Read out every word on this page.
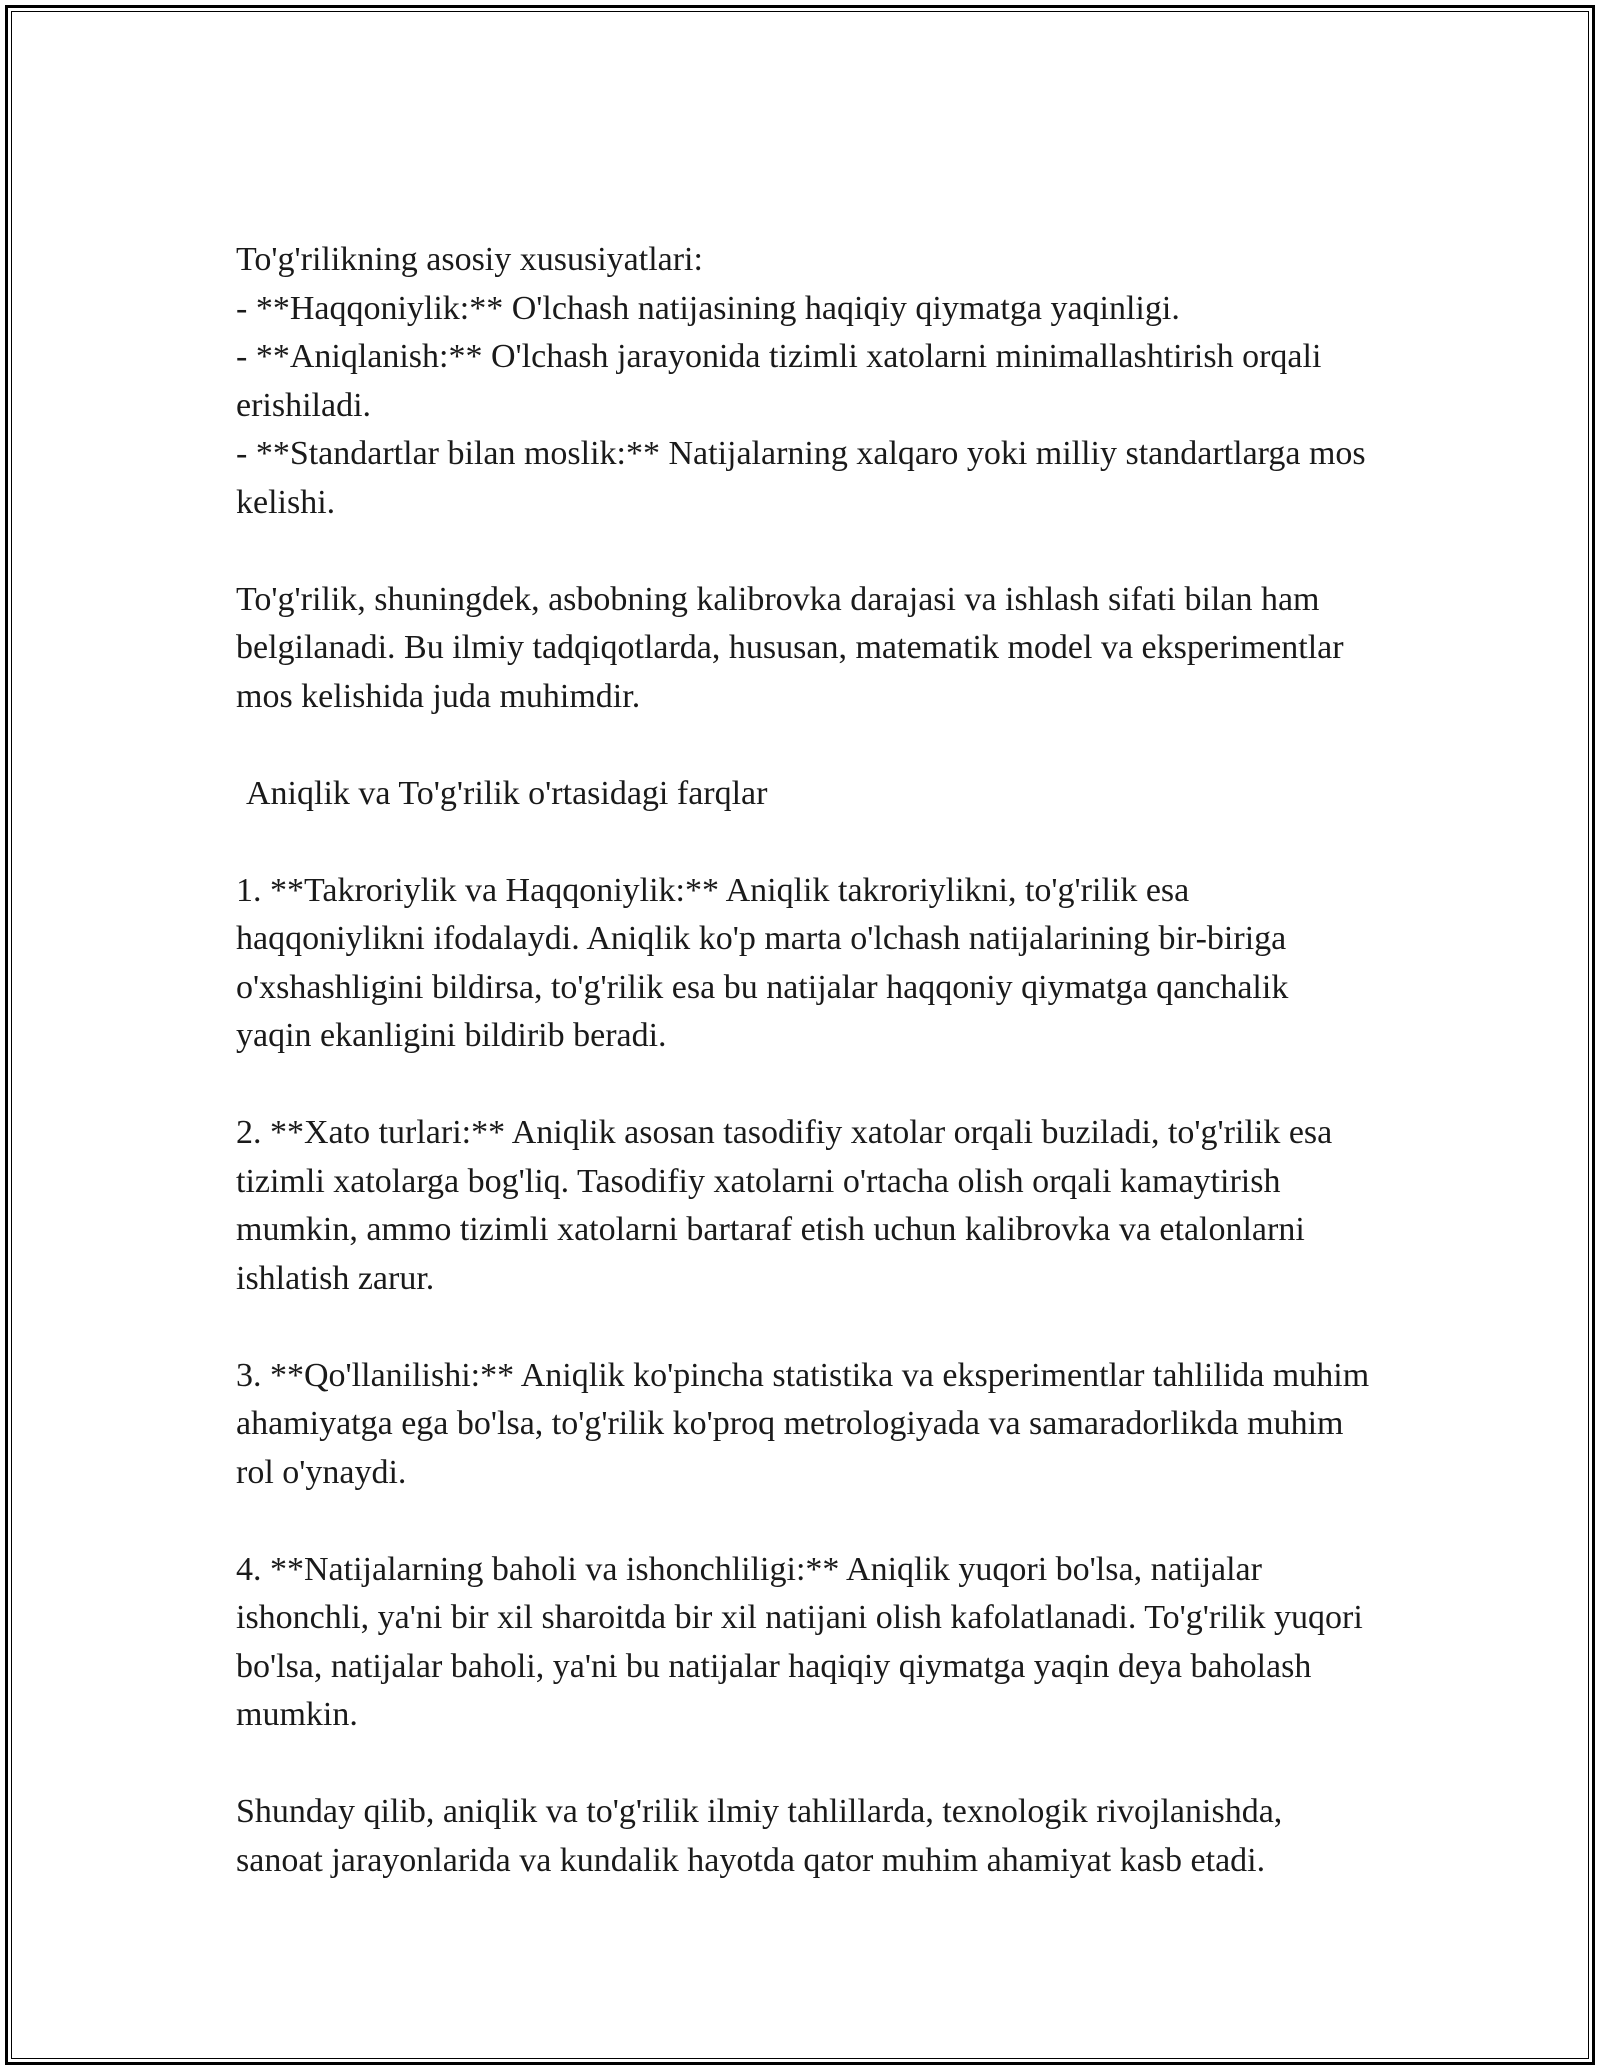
To'g'rilikning asosiy xususiyatlari:
- **Haqqoniylik:** O'lchash natijasining haqiqiy qiymatga yaqinligi.
- **Aniqlanish:** O'lchash jarayonida tizimli xatolarni minimallashtirish orqali erishiladi.
- **Standartlar bilan moslik:** Natijalarning xalqaro yoki milliy standartlarga mos kelishi.

To'g'rilik, shuningdek, asbobning kalibrovka darajasi va ishlash sifati bilan ham belgilanadi. Bu ilmiy tadqiqotlarda, hususan, matematik model va eksperimentlar mos kelishida juda muhimdir.

Aniqlik va To'g'rilik o'rtasidagi farqlar

1. **Takroriylik va Haqqoniylik:** Aniqlik takroriylikni, to'g'rilik esa haqqoniylikni ifodalaydi. Aniqlik ko'p marta o'lchash natijalarining bir-biriga o'xshashligini bildirsa, to'g'rilik esa bu natijalar haqqoniy qiymatga qanchalik yaqin ekanligini bildirib beradi.

2. **Xato turlari:** Aniqlik asosan tasodifiy xatolar orqali buziladi, to'g'rilik esa tizimli xatolarga bog'liq. Tasodifiy xatolarni o'rtacha olish orqali kamaytirish mumkin, ammo tizimli xatolarni bartaraf etish uchun kalibrovka va etalonlarni ishlatish zarur.

3. **Qo'llanilishi:** Aniqlik ko'pincha statistika va eksperimentlar tahlilida muhim ahamiyatga ega bo'lsa, to'g'rilik ko'proq metrologiyada va samaradorlikda muhim rol o'ynaydi.

4. **Natijalarning baholi va ishonchliligi:** Aniqlik yuqori bo'lsa, natijalar ishonchli, ya'ni bir xil sharoitda bir xil natijani olish kafolatlanadi. To'g'rilik yuqori bo'lsa, natijalar baholi, ya'ni bu natijalar haqiqiy qiymatga yaqin deya baholash mumkin.

Shunday qilib, aniqlik va to'g'rilik ilmiy tahlillarda, texnologik rivojlanishda, sanoat jarayonlarida va kundalik hayotda qator muhim ahamiyat kasb etadi.
